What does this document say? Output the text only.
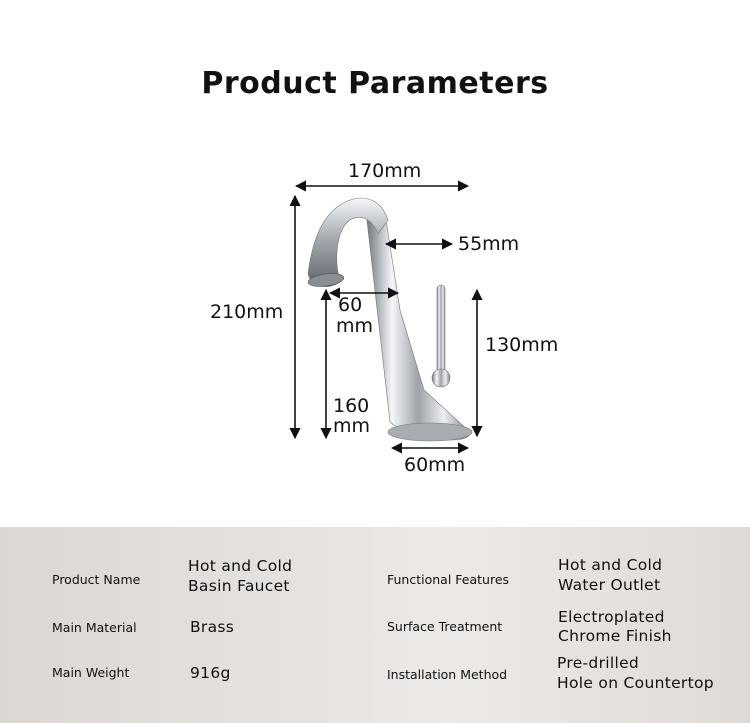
Product Parameters
170mm
210mm
55mm
60
mm
130mm
160
mm
60mm
Product Name
Hot and Cold
Basin Faucet
Main Material	Brass
Main Weight	916g
Functional Features
Hot and Cold
Water Outlet
Surface Treatment
Electroplated
Chrome Finish
Installation Method
Pre-drilled
Hole on Countertop
